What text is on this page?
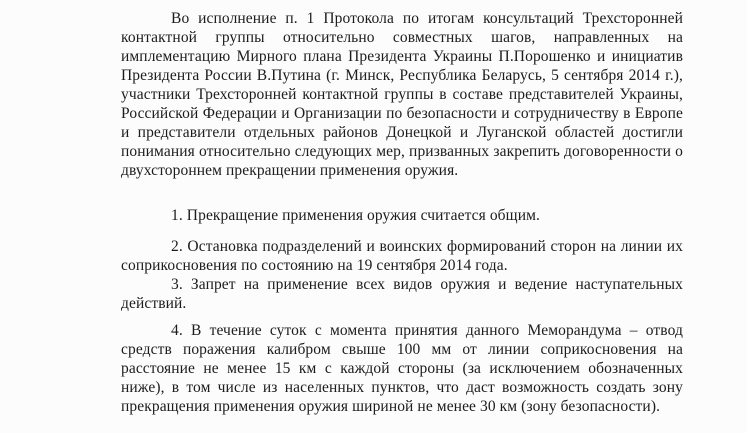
Во исполнение п. 1 Протокола по итогам консультаций Трехсторонней контактной группы относительно совместных шагов, направленных на имплементацию Мирного плана Президента Украины П.Порошенко и инициатив Президента России В.Путина (г. Минск, Республика Беларусь, 5 сентября 2014 г.), участники Трехсторонней контактной группы в составе представителей Украины, Российской Федерации и Организации по безопасности и сотрудничеству в Европе и представители отдельных районов Донецкой и Луганской областей достигли понимания относительно следующих мер, призванных закрепить договоренности о двухстороннем прекращении применения оружия.

1. Прекращение применения оружия считается общим.

2. Остановка подразделений и воинских формирований сторон на линии их соприкосновения по состоянию на 19 сентября 2014 года.

3. Запрет на применение всех видов оружия и ведение наступательных действий.

4. В течение суток с момента принятия данного Меморандума – отвод средств поражения калибром свыше 100 мм от линии соприкосновения на расстояние не менее 15 км с каждой стороны (за исключением обозначенных ниже), в том числе из населенных пунктов, что даст возможность создать зону прекращения применения оружия шириной не менее 30 км (зону безопасности).
